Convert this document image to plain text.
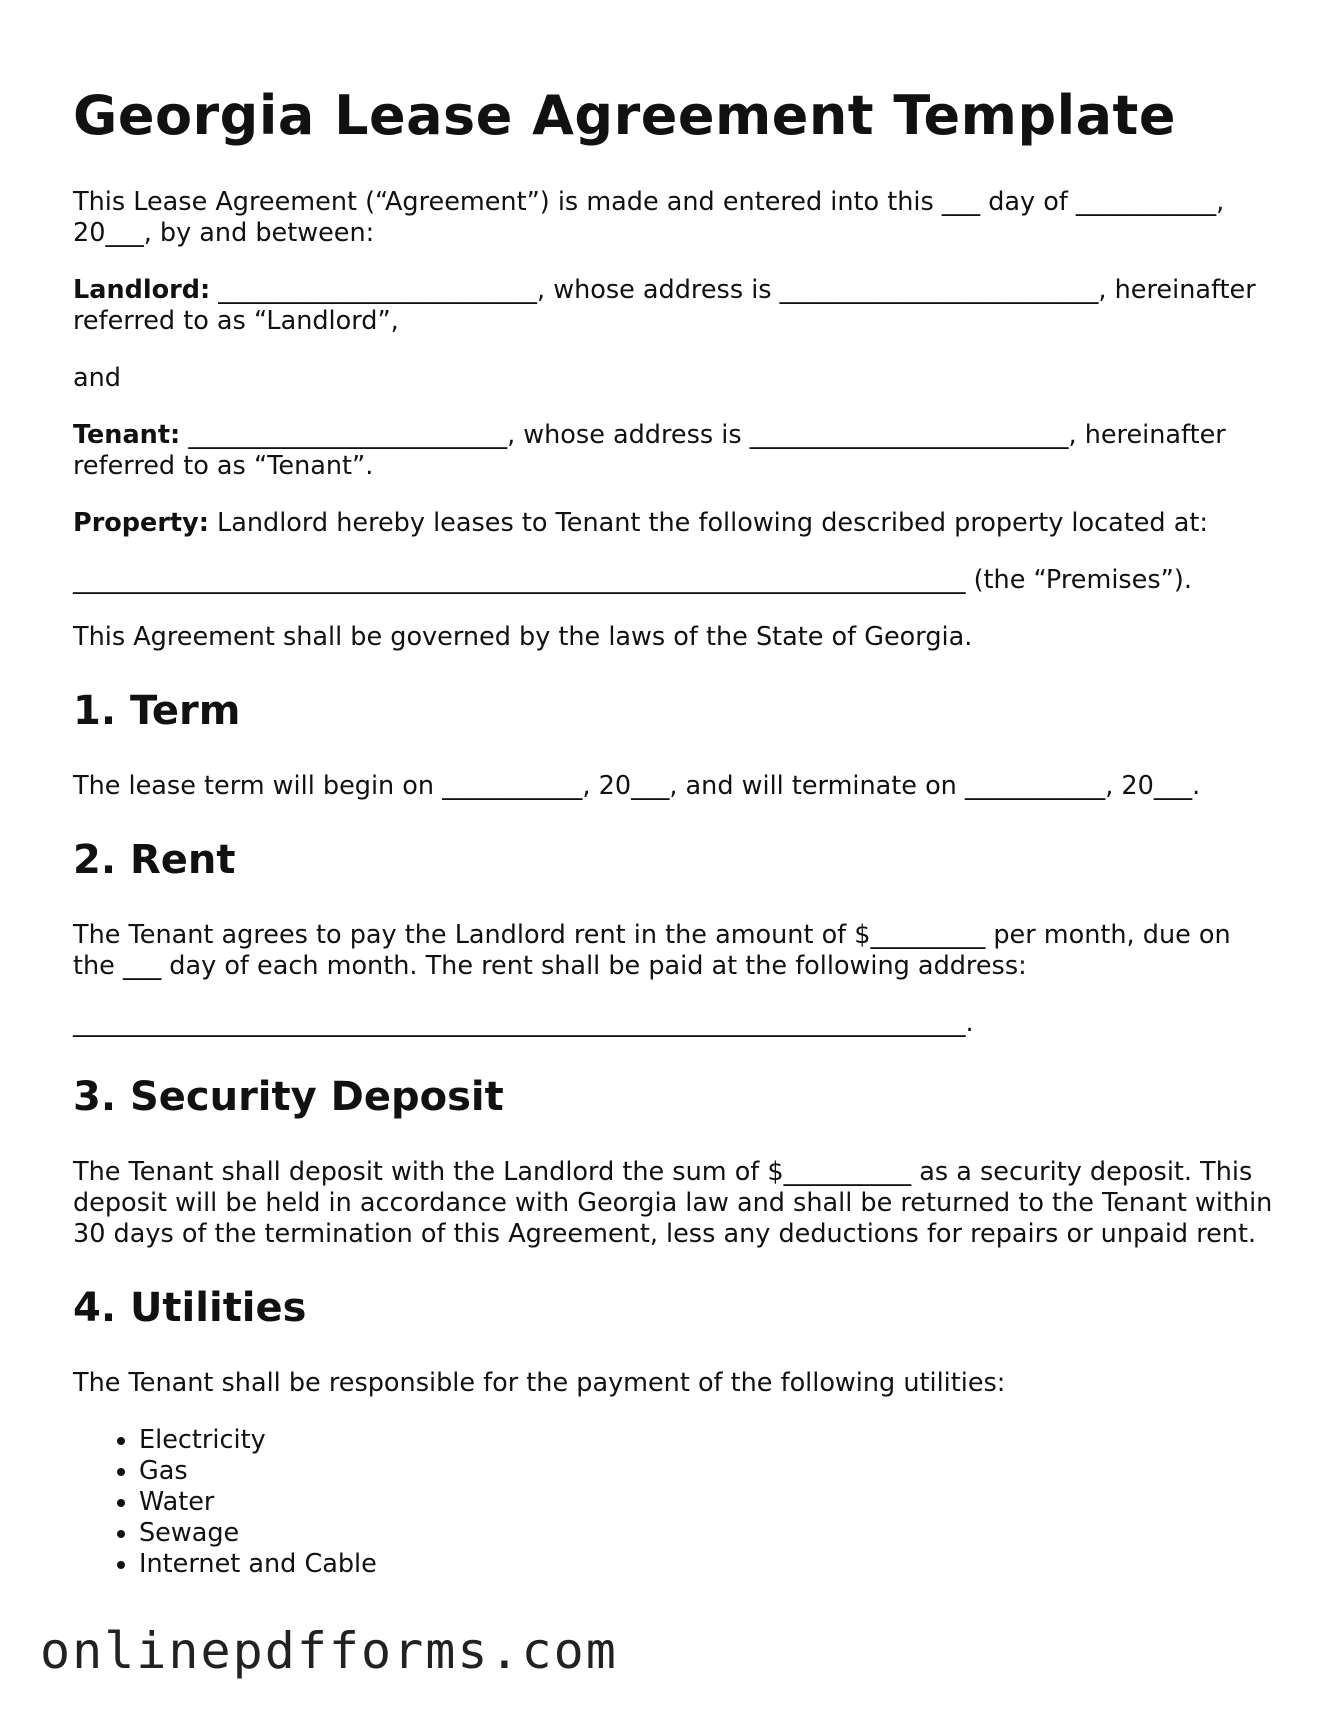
Georgia Lease Agreement Template

This Lease Agreement (“Agreement”) is made and entered into this ___ day of ___________, 20___, by and between:

Landlord: _________________________, whose address is _________________________, hereinafter referred to as “Landlord”,

and

Tenant: _________________________, whose address is _________________________, hereinafter referred to as “Tenant”.

Property: Landlord hereby leases to Tenant the following described property located at:

______________________________________________________________________ (the “Premises”).

This Agreement shall be governed by the laws of the State of Georgia.

1. Term

The lease term will begin on ___________, 20___, and will terminate on ___________, 20___.

2. Rent

The Tenant agrees to pay the Landlord rent in the amount of $_________ per month, due on the ___ day of each month. The rent shall be paid at the following address:

______________________________________________________________________.

3. Security Deposit

The Tenant shall deposit with the Landlord the sum of $__________ as a security deposit. This deposit will be held in accordance with Georgia law and shall be returned to the Tenant within 30 days of the termination of this Agreement, less any deductions for repairs or unpaid rent.

4. Utilities

The Tenant shall be responsible for the payment of the following utilities:

• Electricity
• Gas
• Water
• Sewage
• Internet and Cable

onlinepdfforms.com
